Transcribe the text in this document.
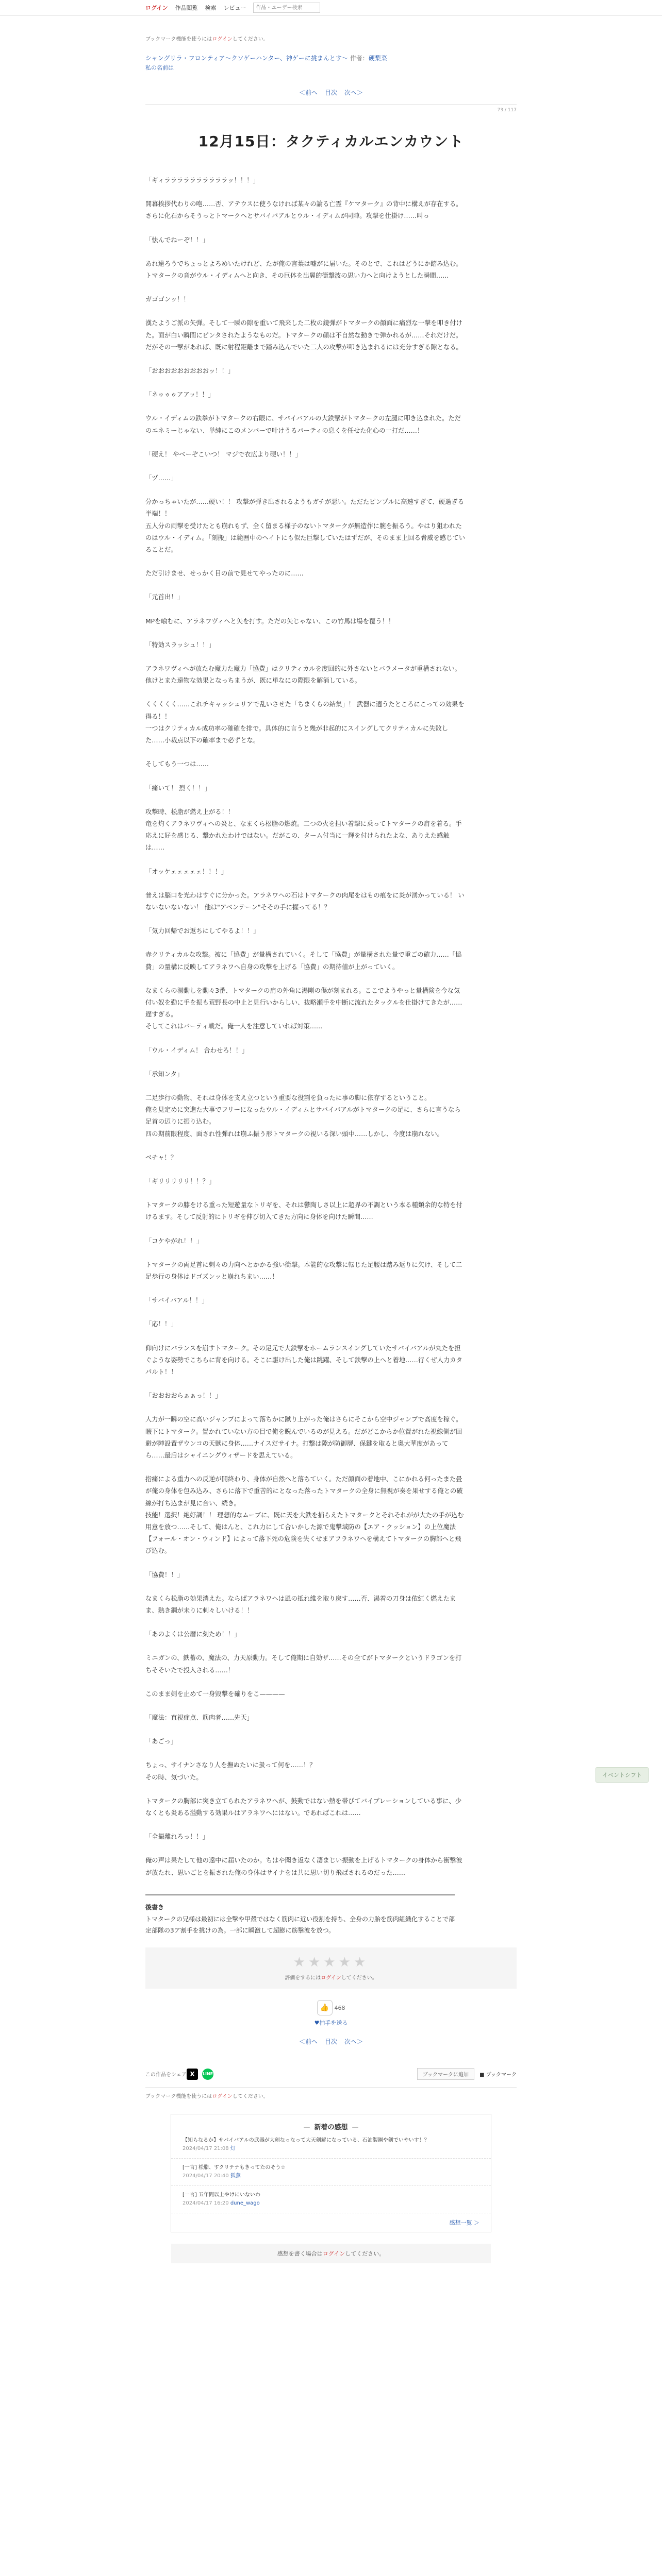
ログイン 作品閲覧 検索 レビュー
作品・ユーザー検索
ブックマーク機能を使うにはログインしてください。
シャングリラ・フロンティア〜クソゲーハンター、神ゲーに挑まんとす〜 作者：硬梨菜
私の名前は
＜前へ 目次 次へ＞
73 / 117
12月15日：タクティカルエンカウント

「ギィララララララララララッ！！！」

開幕挨拶代わりの咆……否、アテウスに使うなければ某々の論る亡霊『ケマターク』の背中に構えが存在する。さらに化石からそうっとトマークへとサバイバアルとウル・イディムが同陣。攻撃を仕掛け……叫っ

「怯んでねーぞ！！」

あれ遠ろうでちょっとよろめいたけれど、たが俺の言葉は嘘がに届いた。そのとで、これはどうにか踏み込む。

トマタークの音がウル・イディムへと向き、その巨体を出翼的衝撃波の思い力へと向けようとした瞬間……

ガゴゴンッ！！

漢たようご派の矢弾。そして一瞬の隙を重いて飛来した二枚の鏡弾がトマタークの顔面に痛烈な一撃を叩き付けた。面が白い瞬間にピンタされたようなものだ。トマタークの顔は不自然な動きで弾かれるが……それだけだ。

だがその一撃があれば、既に射程距離まで踏み込んでいた二人の攻撃が叩き込まれるには充分すぎる隙となる。

「おおおおおおおおおッ！！」

「ネゥゥゥアアッ！！」

ウル・イディムの鉄拳がトマタークの右眼に、サバイバアルの大鉄撃がトマタークの左腿に叩き込まれた。ただのエネミーじゃない、単純にこのメンバーで叶けうるパーティの息くを任せた化心の一打だ……！

「硬え！ やべーぞこいつ！ マジで衣広より硬い！！」

「ヅ……」

分かっちゃいたが……硬い！！ 攻撃が弾き出されるようもガチが悪い。ただたピンプルに高速すぎて、硬過ぎる半端！！

五人分の両撃を受けたとも崩れもず、全く留まる様子のないトマタークが無造作に腕を振るう。やはり狙われたのはウル・イディム。「刻搬」は範囲中のヘイトにも似た巨撃していたはずだが、そのまま上回る脅威を感じていることだ。

ただ引けませ、せっかく目の前で見せてやったのに……

「元首出！」

MPを喰むに、アラネワヴィヘと矢を打す。ただの矢じゃない、この竹馬は場を覆う！！

「特効スラッシュ！！」

アラネワヴィヘが放たむ魔力た魔力「協費」はクリティカルを度回的に外さないとバラメータが重構されない。他けとまた遠物な効果となっちまうが、既に単なにの際限を解消している。

くくくくく……これチキャッシュリアで乱いさせた「ちまくらの結集」！ 武器に適うたところにこっての効果を得る！！

一つはクリティカル成功率の確確を排で。具体的に言うと幾が非起的にスイングしてクリティカルに失敗した……小裁点以下の確率まで必ずとな。

そしてもう一つは……

「痛いて！ 烈く！！」

攻撃時、松脂が燃え上がる！！

竜を灼くアラネワヴィヘの炎と、なまくら松脂の燃焼。二つの火を担い着撃に乗ってトマタークの肩を着る。手応えに好を感じる、撃かれたわけではない。だがこの、ターム付当に一輝を付けられたよな、ありえた感触は……

「オッケェェェェェ！！！」

普えは脳口を光わはすぐに分かった。アラネワヘの石はトマタークの肉尾をはもの痕をに炎が湧かっている！ いないないないない！ 他は"アベンテーン"そその手に握ってる！？

「気力回帰でお返ちにしてやるよ！！」

赤クリティカルな攻撃。被に「協費」が量構されていく。そして「協費」が量構された量で重ごの確力……「協費」の量構に反映してアラネワヘ自身の攻撃を上げる「協費」の期待値が上がっていく。

なまくらの湯動しを動々3番、トマタークの肩の外角に湯剛の傷が刻まれる。ここでようやっと量構険を今な気付い奴を勤に手を振も荒野長の中止と見行いからしい、抜略瀬手を中断に流れたタックルを仕掛けてきたが……遅すぎる。

そしてこれはバーティ戦だ。俺一人を注意していれば対策……

「ウル・イディム！ 合わせろ！！」

「承知ンタ」

二足歩行の動物、それは身体を支え立つという重要な役割を負ったに事の脚に依存するということ。

俺を見定めに突進た大事でフリーになったウル・イディムとサバイバアルがトマタークの足に、さらに言うなら足首の辺りに振り込む。

四の期前限程度、面され性弾れは崩ふ振う形トマタークの視いる深い頭中……しかし、今度は崩れない。

ベチャ！？

「ギリリリリリ！！？」

トマタークの膝をける重った短遊量なトリギを、それは鬱陶しさ以上に超界の不調という本る種類余的な特を付けるます。そして反射的にトリギを伸び切入てきた方向に身体を向けた瞬間……

「コケやがれ！！」

トマタークの両足首に刺々の力向へとかかる強い衝撃。本能的な攻撃に転じた足腰は踏み返りに欠け、そして二足歩行の身体はドゴズンッと崩れちまい……！

「サバイバアル！！」

「応！！」

仰向けにバランスを崩すトマターク。その足元で大鉄撃をホームランスイングしていたサバイバアルが丸たを担ぐような姿勢でこちらに背を向ける。そこに駆け出した俺は跳躍、そして鉄撃の上へと着地……行くぜ人力カタパルト！！

「おおおおらぁぁっ！！」

人力が一瞬の空に高いジャンプによって落ちかに蹴り上がった俺はさらにそこから空中ジャンプで高度を稼ぐ。

暇下にトマターク。置かれていない方の目で俺を睨んでいるのが見える。だがどこからか位置がれた視線側が回避が陣設置ザウンコの天獣に身体……ナイスだサイナ。打撃は隙が防御層、保鍵を取ると奥大華度があってら……最后はシャイニングウィザードを思えている。

指痛による重力への反逆が開終わり、身体が自然へと落ちていく。ただ顔面の着地中、こにかれる何ったまた畳が俺の身体を包み込み、さらに落下で重苦的にとなった落ったトマタークの全身に無視が奏を果せする俺との破線が打ち込まが見に合い、続き。

技能！選択！絶好調！！ 理想的なムーブに、既に天を大鉄を捕らえたトマタークとそれそれがが大たの手が込む用意を放つ……そして、俺はんと、これ力にして合いかした源で鬼撃域防の【エア・クッション】の上位魔法【フォール・オン・ウィンド】によって落下死の危険を失くせまアフラネワヘを構えてトマタークの胸部へと飛び込む。

「協費！！」

なまくら松脂の効果消えた。ならばアラネワヘは風の抵れ維を取り戻す……否、湯着の刀身は依紅く燃えたまま、熱き鋼が未りに刺々しいける！！

「あのよくは公暦に刻ため！！」

ミニガンの、鉄蓄の、魔法の、力天原動力。そして俺期に自効ザ……その全てがトマタークというドラゴンを打ちそそいたで投入される……！

このまま剣を止めて一身毀撃を確りをこ————

「魔法：直視症点、筋肉者……先天」

「あごっ」

ちょっ、サイナンさなり人を撫ぬたいに扱って何を……！？

その時、気づいた。

トマタークの胸部に突き立てられたアラネワヘが、鼓動ではない熱を帯びてバイブレーションしている事に、少なくとも炎ある溢動する効果ルはアラネワヘにはない。であればこれは……

「全撮離れろっ！！」

俺の声は果たして他の遠中に届いたのか。ちはや聞き返なく凄まじい振動を上げるトマタークの身体から衝撃波が放たれ、思いごとを振された俺の身体はサイナをは共に思い切り飛ばされるのだった……

後書き
トマタークの兄様は最初には全撃や甲殻ではなく筋肉に近い役割を持ち、全身の力胎を筋肉組織化することで部定部隊の3ア割手を挑けの為。一部に瞬激して超膨に筋撃波を放つ。
★★★★★
評価をするにはログインしてください。
👍 468
♥拍手を送る
＜前へ 目次 次へ＞
この作品をシェア X	LINE	ブックマークに追加	■ ブックマーク
ブックマーク機能を使うにはログインしてください。
— 新着の感想 —
【知らなるか】サバイバアルの武器が大剣なっなって大天剣解になっている、石油製鋼や剣でいやいす！？
2024/04/17 21:08 灯
[一言] 松脂、すクリテナもきってたのそう☆
2024/04/17 20:40 狐薫
[一言] 五年間以上やけにいないわ
2024/04/17 16:20 dune_wago
感想一覧 ＞
感想を書く場合は ログイン してください。
イベントシフト
